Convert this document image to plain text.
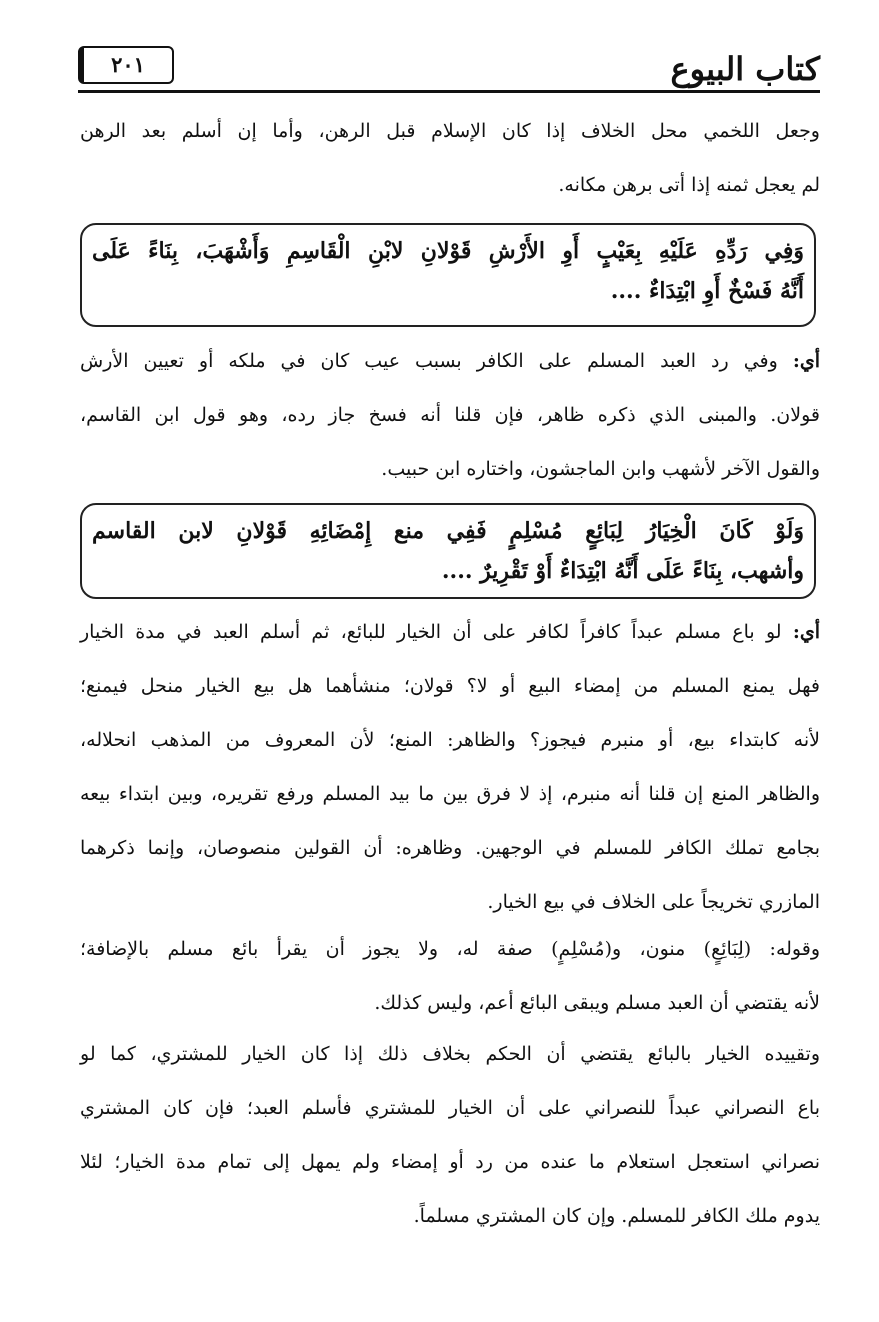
٢٠١	كتاب البيوع
وجعل اللخمي محل الخلاف إذا كان الإسلام قبل الرهن، وأما إن أسلم بعد الرهن
لم يعجل ثمنه إذا أتى برهن مكانه.
وَفِي رَدِّهِ عَلَيْهِ بِعَيْبٍ أَوِ الأَرْشِ قَوْلانِ لابْنِ الْقَاسِمِ وَأَشْهَبَ، بِنَاءً عَلَى
أَنَّهُ فَسْخٌ أَوِ ابْتِدَاءٌ ....
أي: وفي رد العبد المسلم على الكافر بسبب عيب كان في ملكه أو تعيين الأرش
قولان. والمبنى الذي ذكره ظاهر، فإن قلنا أنه فسخ جاز رده، وهو قول ابن القاسم،
والقول الآخر لأشهب وابن الماجشون، واختاره ابن حبيب.
وَلَوْ كَانَ الْخِيَارُ لِبَائِعٍ مُسْلِمٍ فَفِي منع إِمْضَائِهِ قَوْلانِ لابن القاسم
وأشهب، بِنَاءً عَلَى أَنَّهُ ابْتِدَاءٌ أَوْ تَقْرِيرٌ ....
أي: لو باع مسلم عبداً كافراً لكافر على أن الخيار للبائع، ثم أسلم العبد في مدة الخيار
فهل يمنع المسلم من إمضاء البيع أو لا؟ قولان؛ منشأهما هل بيع الخيار منحل فيمنع؛
لأنه كابتداء بيع، أو منبرم فيجوز؟ والظاهر: المنع؛ لأن المعروف من المذهب انحلاله،
والظاهر المنع إن قلنا أنه منبرم، إذ لا فرق بين ما بيد المسلم ورفع تقريره، وبين ابتداء بيعه
بجامع تملك الكافر للمسلم في الوجهين. وظاهره: أن القولين منصوصان، وإنما ذكرهما
المازري تخريجاً على الخلاف في بيع الخيار.
وقوله: (لِبَائِعٍ) منون، و(مُسْلِمٍ) صفة له، ولا يجوز أن يقرأ بائع مسلم بالإضافة؛
لأنه يقتضي أن العبد مسلم ويبقى البائع أعم، وليس كذلك.
وتقييده الخيار بالبائع يقتضي أن الحكم بخلاف ذلك إذا كان الخيار للمشتري، كما لو
باع النصراني عبداً للنصراني على أن الخيار للمشتري فأسلم العبد؛ فإن كان المشتري
نصراني استعجل استعلام ما عنده من رد أو إمضاء ولم يمهل إلى تمام مدة الخيار؛ لئلا
يدوم ملك الكافر للمسلم. وإن كان المشتري مسلماً.
